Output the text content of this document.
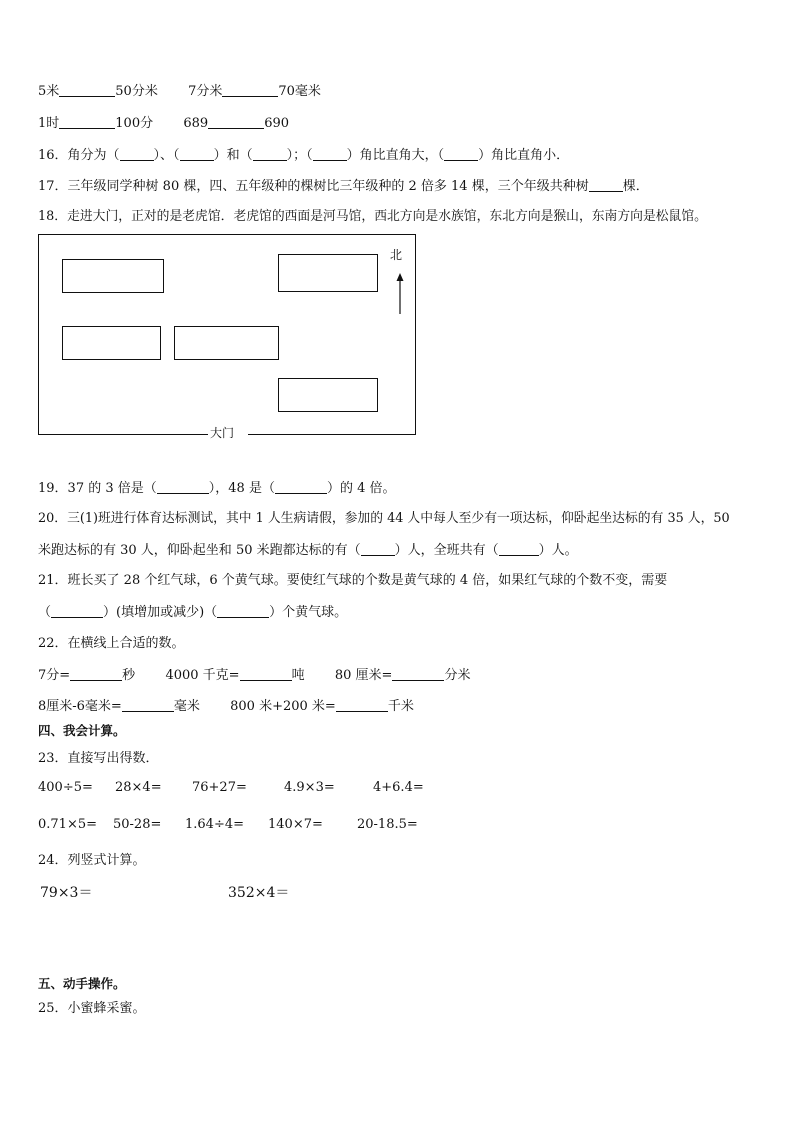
5米	50分米 7分米	70毫米
1时	100分 689	690
16．角分为（	）、（	）和（	）；（	）角比直角大，（	）角比直角小．
17．三年级同学种树 80 棵，四、五年级种的棵树比三年级种的 2 倍多 14 棵，三个年级共种树	棵．
18．走进大门，正对的是老虎馆．老虎馆的西面是河马馆，西北方向是水族馆，东北方向是猴山，东南方向是松鼠馆。
大门
北
19．37 的 3 倍是（	），48 是（	）的 4 倍。
20．三(1)班进行体育达标测试，其中 1 人生病请假，参加的 44 人中每人至少有一项达标，仰卧起坐达标的有 35 人，50
米跑达标的有 30 人，仰卧起坐和 50 米跑都达标的有（	）人，全班共有（	）人。
21．班长买了 28 个红气球，6 个黄气球。要使红气球的个数是黄气球的 4 倍，如果红气球的个数不变，需要
（	）(填增加或减少)（	）个黄气球。
22．在横线上合适的数。
7分=	秒 4000 千克=	吨 80 厘米=	分米
8厘米-6毫米=	毫米 800 米+200 米=	千米
四、我会计算。
23．直接写出得数．
400÷5= 28×4= 76+27=	4.9×3=	4+6.4=
0.71×5= 50-28= 1.64÷4= 140×7=	20-18.5=
24．列竖式计算。
79×3＝	352×4＝
五、动手操作。
25．小蜜蜂采蜜。
